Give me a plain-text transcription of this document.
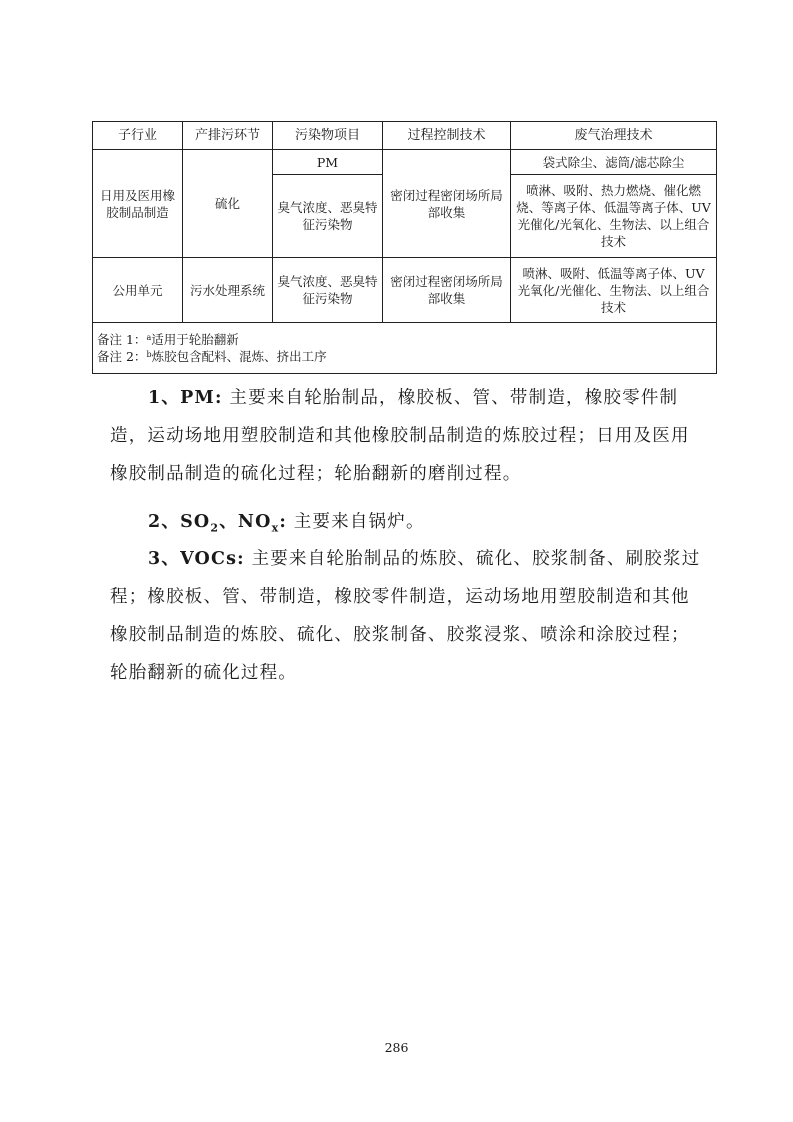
子行业	产排污环节	污染物项目	过程控制技术	废气治理技术
日用及医用橡胶制品制造	硫化	PM	密闭过程密闭场所局部收集	袋式除尘、滤筒/滤芯除尘
		臭气浓度、恶臭特征污染物		喷淋、吸附、热力燃烧、催化燃烧、等离子体、低温等离子体、UV 光催化/光氧化、生物法、以上组合技术
公用单元	污水处理系统	臭气浓度、恶臭特征污染物	密闭过程密闭场所局部收集	喷淋、吸附、低温等离子体、UV 光氧化/光催化、生物法、以上组合技术

备注 1：$^a$适用于轮胎翻新
备注 2：$^b$炼胶包含配料、混炼、挤出工序				

1、PM: 主要来自轮胎制品，橡胶板、管、带制造，橡胶零件制造，运动场地用塑胶制造和其他橡胶制品制造的炼胶过程；日用及医用橡胶制品制造的硫化过程；轮胎翻新的磨削过程。

2、$SO_2$、$NO_x$: 主要来自锅炉。

3、VOCs: 主要来自轮胎制品的炼胶、硫化、胶浆制备、刷胶浆过程；橡胶板、管、带制造，橡胶零件制造，运动场地用塑胶制造和其他橡胶制品制造的炼胶、硫化、胶浆制备、胶浆浸浆、喷涂和涂胶过程；轮胎翻新的硫化过程。

286
